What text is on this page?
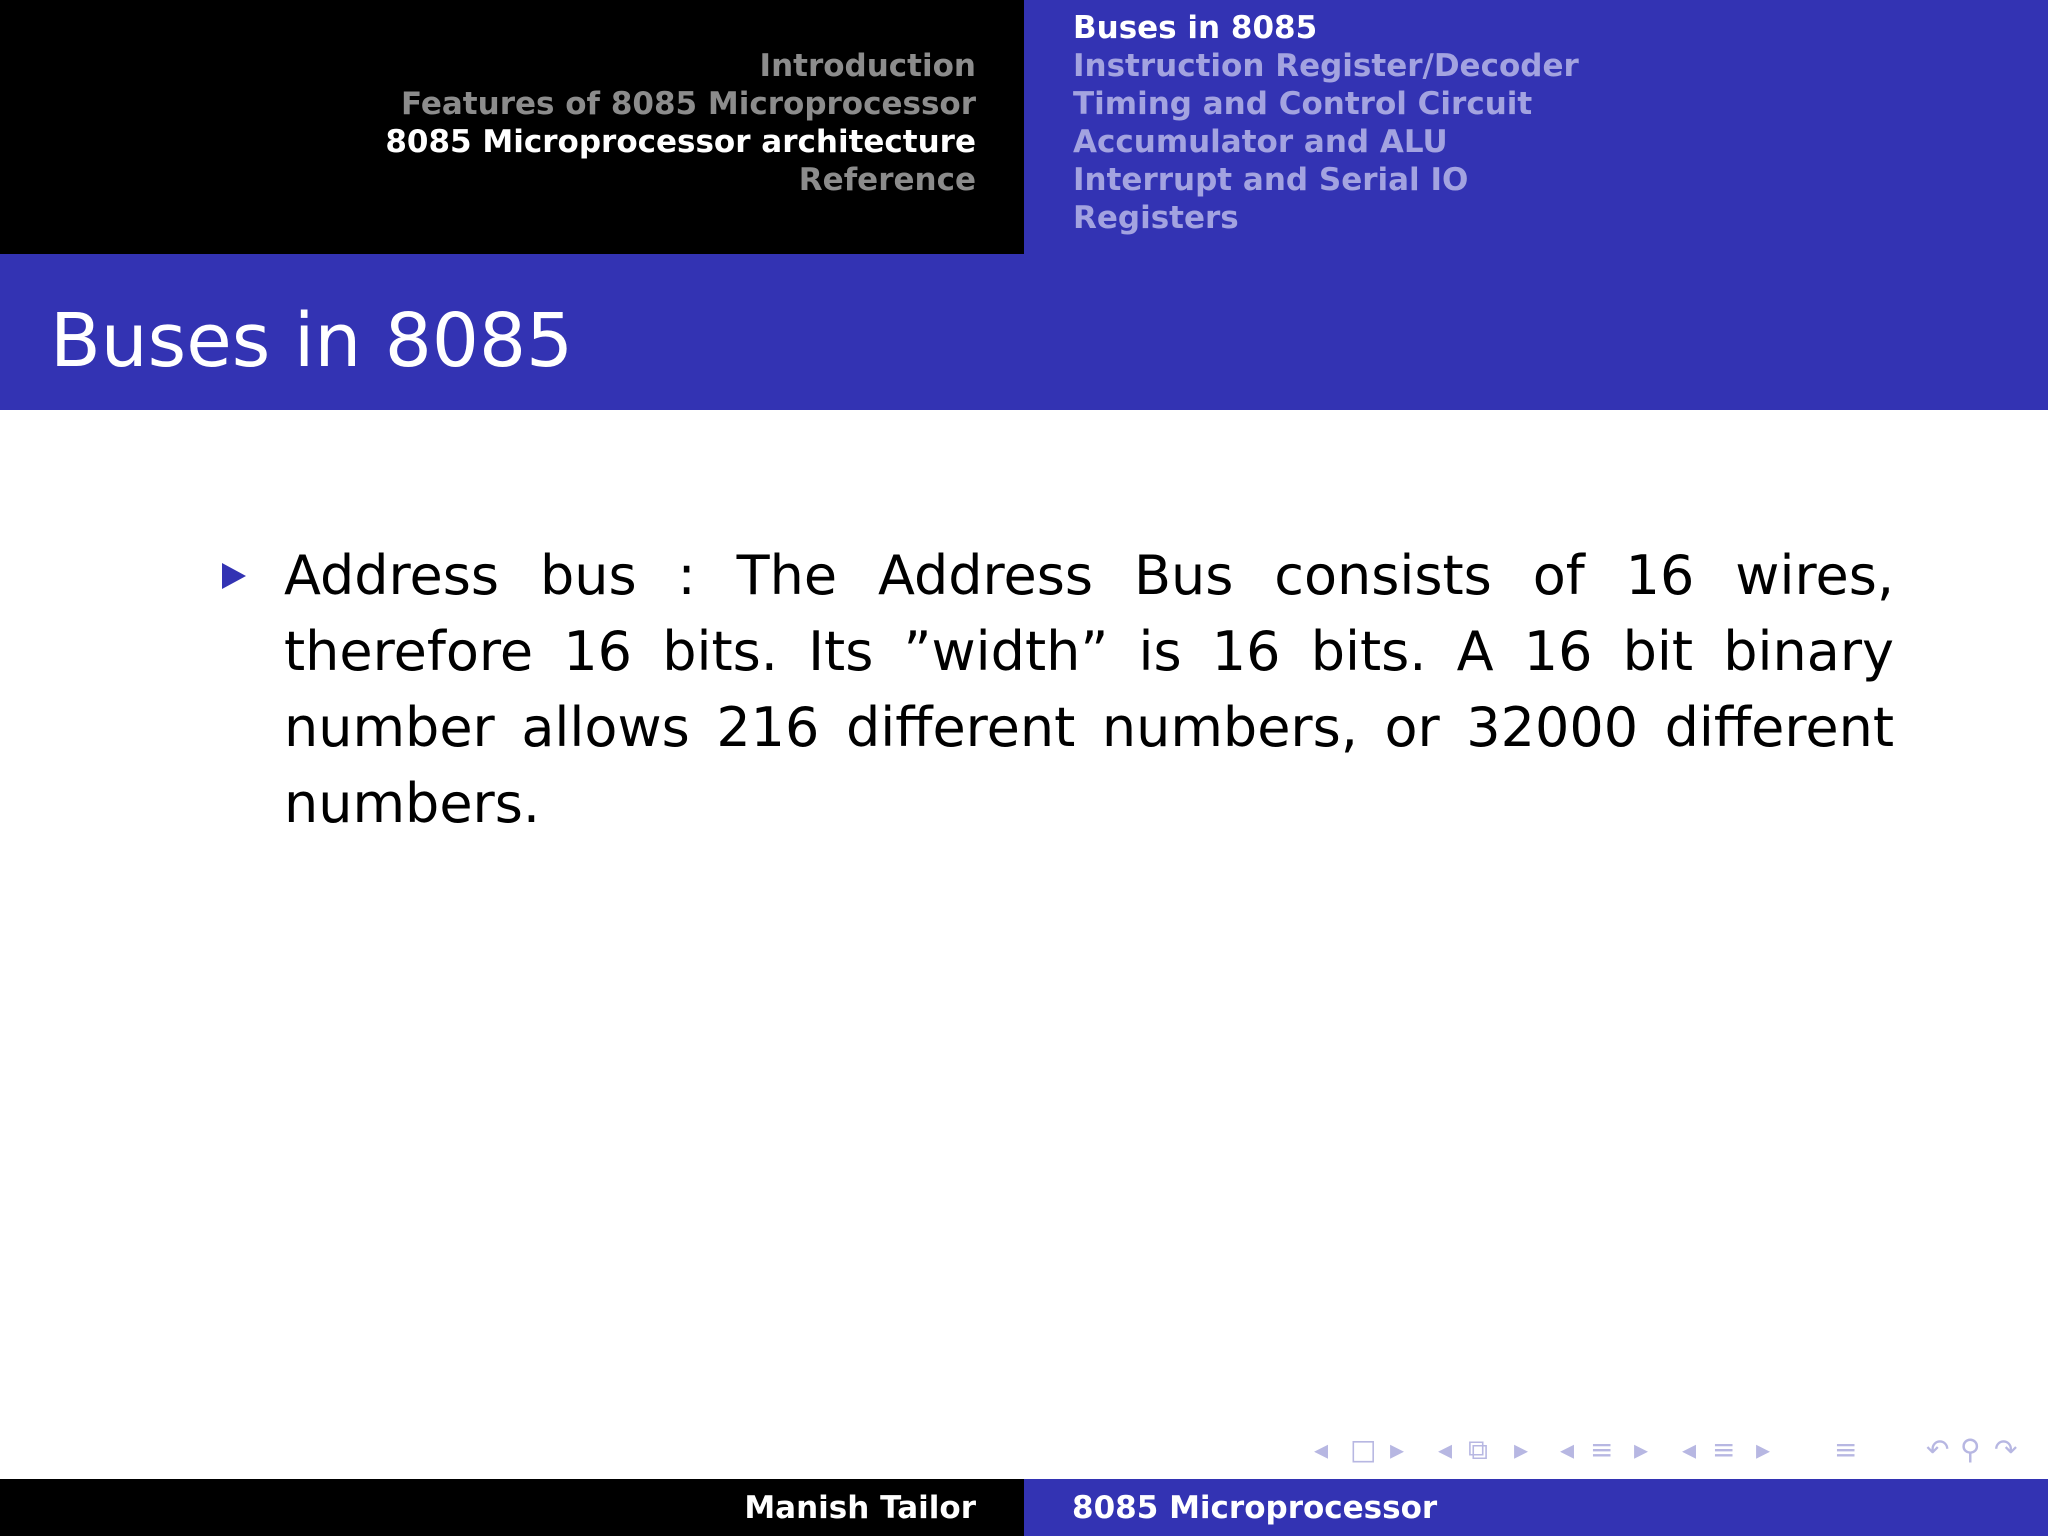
Introduction
Features of 8085 Microprocessor
8085 Microprocessor architecture
Reference
Buses in 8085
Instruction Register/Decoder
Timing and Control Circuit
Accumulator and ALU
Interrupt and Serial IO
Registers
Buses in 8085
Address bus : The Address Bus consists of 16 wires, therefore 16 bits. Its ”width” is 16 bits. A 16 bit binary number allows 216 different numbers, or 32000 different numbers.
◂ □ ▸ ◂ ⧉ ▸ ◂ ≡ ▸ ◂ ≡ ▸ ≡ ↶ ⚲ ↷
Manish Tailor	8085 Microprocessor
